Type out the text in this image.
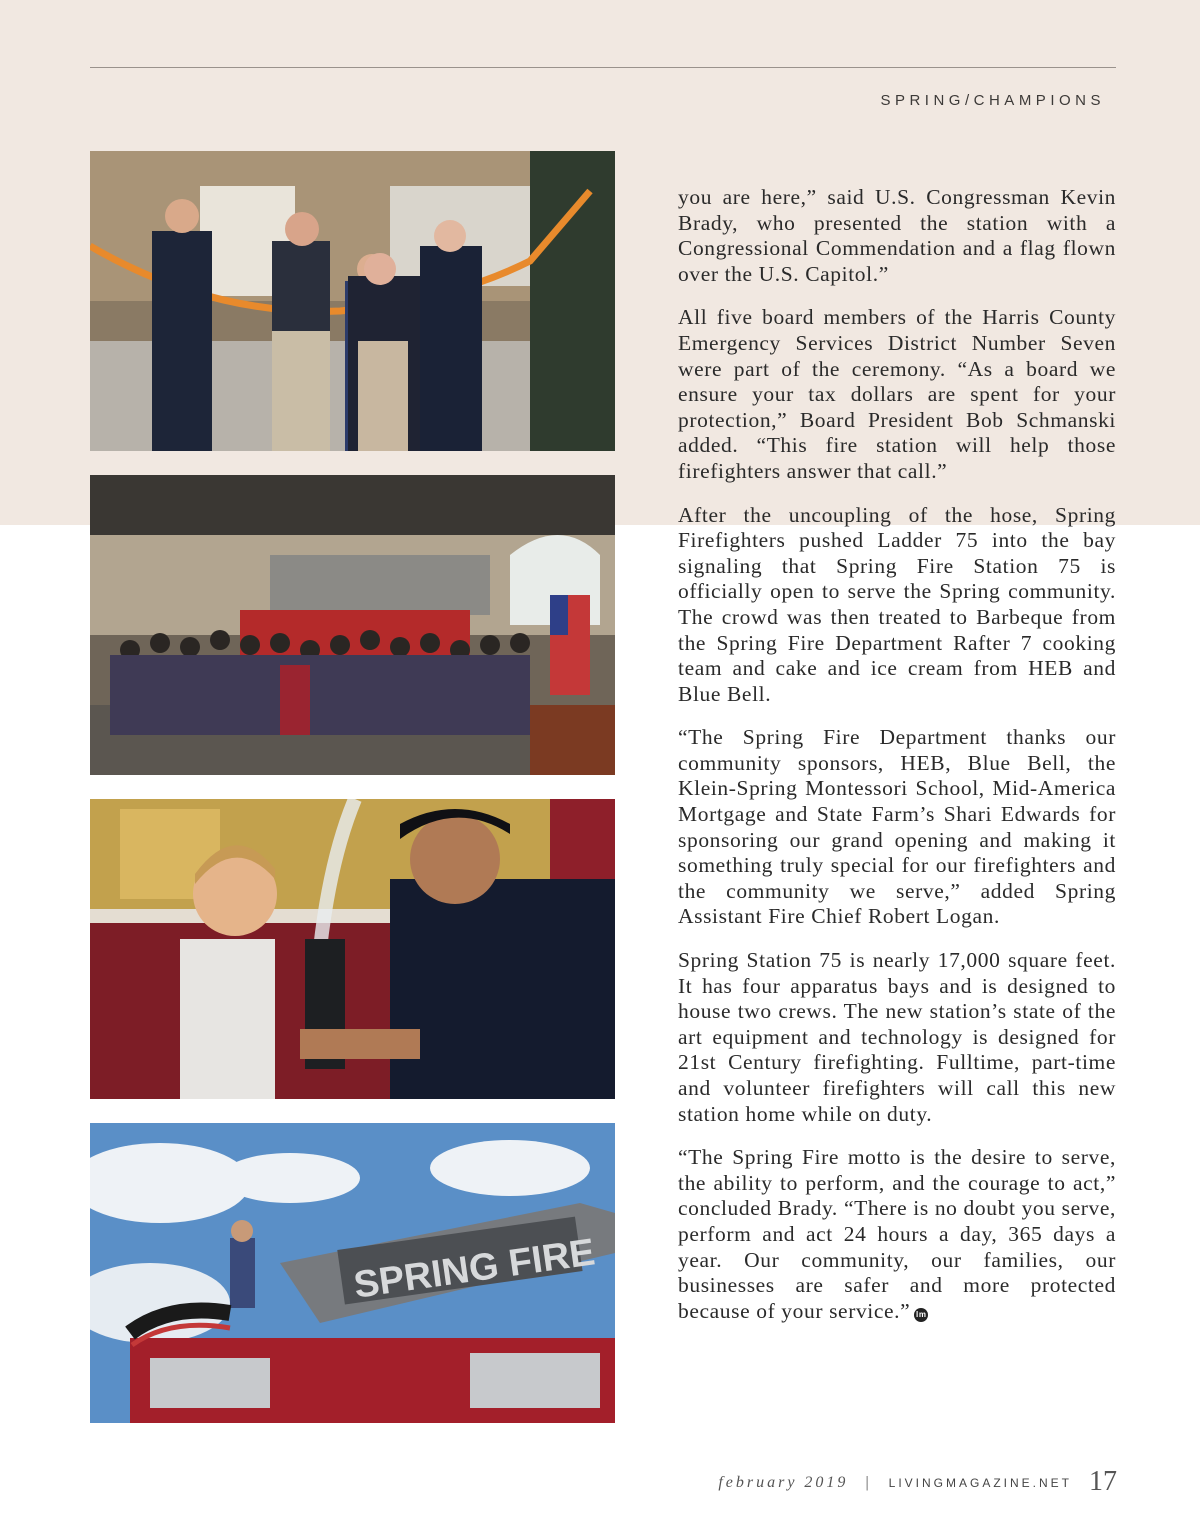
SPRING/CHAMPIONS
SPRING FIRE

you are here,” said U.S. Congressman Kevin Brady, who presented the station with a Congressional Commendation and a flag flown over the U.S. Capitol.”

All five board members of the Harris County Emergency Services District Number Seven were part of the ceremony. “As a board we ensure your tax dollars are spent for your protection,” Board President Bob Schmanski added. “This fire station will help those firefighters answer that call.”

After the uncoupling of the hose, Spring Firefighters pushed Ladder 75 into the bay signaling that Spring Fire Station 75 is officially open to serve the Spring community. The crowd was then treated to Barbeque from the Spring Fire Department Rafter 7 cooking team and cake and ice cream from HEB and Blue Bell.

“The Spring Fire Department thanks our community sponsors, HEB, Blue Bell, the Klein-Spring Montessori School, Mid-America Mortgage and State Farm’s Shari Edwards for sponsoring our grand opening and making it something truly special for our firefighters and the community we serve,” added Spring Assistant Fire Chief Robert Logan.

Spring Station 75 is nearly 17,000 square feet. It has four apparatus bays and is designed to house two crews. The new station’s state of the art equipment and technology is designed for 21st Century firefighting. Fulltime, part-time and volunteer firefighters will call this new station home while on duty.

“The Spring Fire motto is the desire to serve, the ability to perform, and the courage to act,” concluded Brady. “There is no doubt you serve, perform and act 24 hours a day, 365 days a year. Our community, our families, our businesses are safer and more protected because of your service.” lm

february 2019 | LIVINGMAGAZINE.NET 17
